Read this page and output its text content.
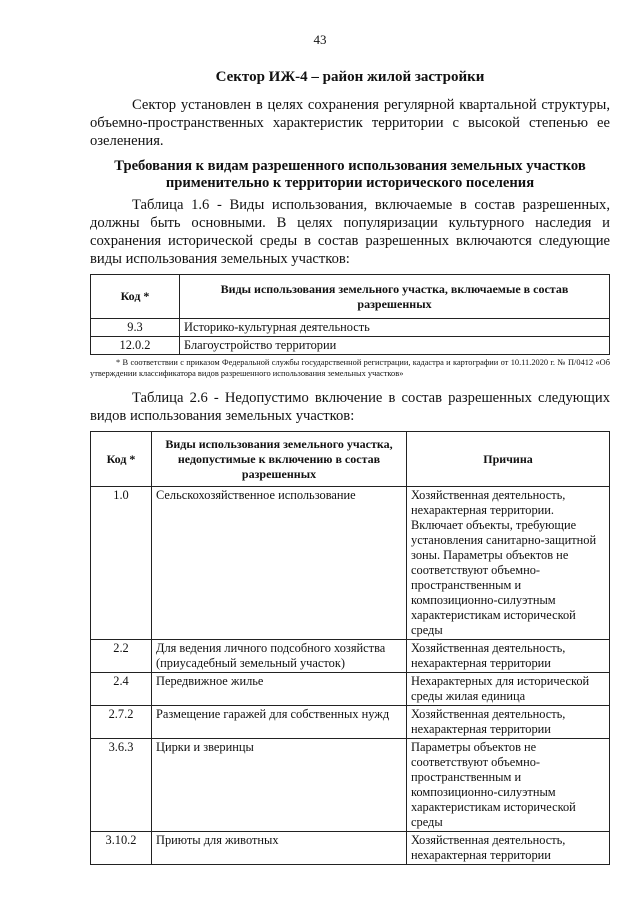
43
Сектор ИЖ-4 – район жилой застройки

Сектор установлен в целях сохранения регулярной квартальной структуры, объемно-пространственных характеристик территории с высокой степенью ее озеленения.

Требования к видам разрешенного использования земельных участков применительно к территории исторического поселения

Таблица 1.6 - Виды использования, включаемые в состав разрешенных, должны быть основными. В целях популяризации культурного наследия и сохранения исторической среды в состав разрешенных включаются следующие виды использования земельных участков:

Код *	Виды использования земельного участка, включаемые в состав разрешенных
9.3	Историко-культурная деятельность
12.0.2	Благоустройство территории
* В соответствии с приказом Федеральной службы государственной регистрации, кадастра и картографии от 10.11.2020 г. № П/0412 «Об утверждении классификатора видов разрешенного использования земельных участков»

Таблица 2.6 - Недопустимо включение в состав разрешенных следующих видов использования земельных участков:

Код *	Виды использования земельного участка, недопустимые к включению в состав разрешенных	Причина
1.0	Сельскохозяйственное использование	Хозяйственная деятельность, нехарактерная территории. Включает объекты, требующие установления санитарно-защитной зоны. Параметры объектов не соответствуют объемно-пространственным и композиционно-силуэтным характеристикам исторической среды
2.2	Для ведения личного подсобного хозяйства (приусадебный земельный участок)	Хозяйственная деятельность, нехарактерная территории
2.4	Передвижное жилье	Нехарактерных для исторической среды жилая единица
2.7.2	Размещение гаражей для собственных нужд	Хозяйственная деятельность, нехарактерная территории
3.6.3	Цирки и зверинцы	Параметры объектов не соответствуют объемно-пространственным и композиционно-силуэтным характеристикам исторической среды
3.10.2	Приюты для животных	Хозяйственная деятельность, нехарактерная территории
